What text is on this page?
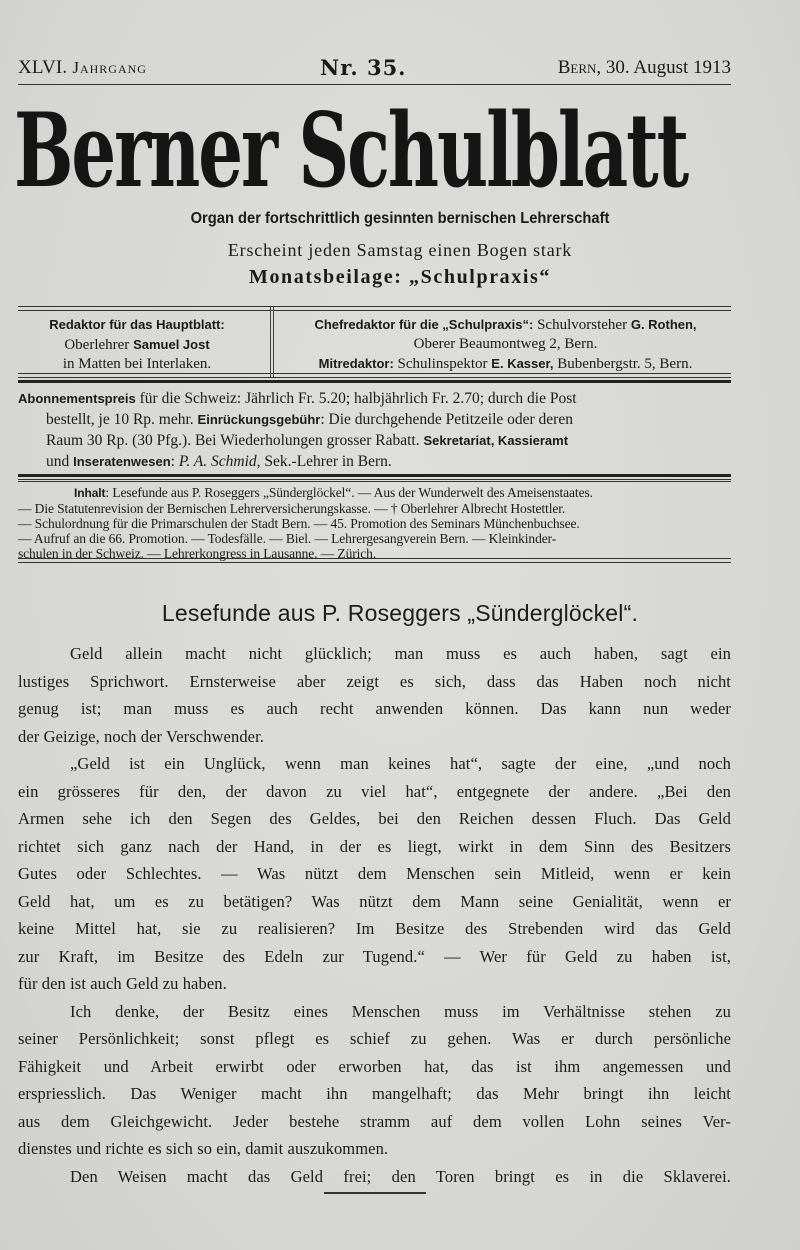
XLVI. Jahrgang	Nr. 35.	Bern, 30. August 1913
Berner Schulblatt
Organ der fortschrittlich gesinnten bernischen Lehrerschaft
Erscheint jeden Samstag einen Bogen stark
Monatsbeilage: „Schulpraxis“
Redaktor für das Hauptblatt:
Oberlehrer Samuel Jost
in Matten bei Interlaken.
Chefredaktor für die „Schulpraxis“: Schulvorsteher G. Rothen,
Oberer Beaumontweg 2, Bern.
Mitredaktor: Schulinspektor E. Kasser, Bubenbergstr. 5, Bern.
Abonnementspreis für die Schweiz: Jährlich Fr. 5.20; halbjährlich Fr. 2.70; durch die Post
bestellt, je 10 Rp. mehr. Einrückungsgebühr: Die durchgehende Petitzeile oder deren
Raum 30 Rp. (30 Pfg.). Bei Wiederholungen grosser Rabatt. Sekretariat, Kassieramt
und Inseratenwesen: P. A. Schmid, Sek.-Lehrer in Bern.
Inhalt: Lesefunde aus P. Roseggers „Sünderglöckel“. — Aus der Wunderwelt des Ameisenstaates.
— Die Statutenrevision der Bernischen Lehrerversicherungskasse. — † Oberlehrer Albrecht Hostettler.
— Schulordnung für die Primarschulen der Stadt Bern. — 45. Promotion des Seminars Münchenbuchsee.
— Aufruf an die 66. Promotion. — Todesfälle. — Biel. — Lehrergesangverein Bern. — Kleinkinder-
schulen in der Schweiz. — Lehrerkongress in Lausanne. — Zürich.
Lesefunde aus P. Roseggers „Sünderglöckel“.
Geld allein macht nicht glücklich; man muss es auch haben, sagt ein
lustiges Sprichwort. Ernsterweise aber zeigt es sich, dass das Haben noch nicht
genug ist; man muss es auch recht anwenden können. Das kann nun weder
der Geizige, noch der Verschwender.
„Geld ist ein Unglück, wenn man keines hat“, sagte der eine, „und noch
ein grösseres für den, der davon zu viel hat“, entgegnete der andere. „Bei den
Armen sehe ich den Segen des Geldes, bei den Reichen dessen Fluch. Das Geld
richtet sich ganz nach der Hand, in der es liegt, wirkt in dem Sinn des Besitzers
Gutes oder Schlechtes. — Was nützt dem Menschen sein Mitleid, wenn er kein
Geld hat, um es zu betätigen? Was nützt dem Mann seine Genialität, wenn er
keine Mittel hat, sie zu realisieren? Im Besitze des Strebenden wird das Geld
zur Kraft, im Besitze des Edeln zur Tugend.“ — Wer für Geld zu haben ist,
für den ist auch Geld zu haben.
Ich denke, der Besitz eines Menschen muss im Verhältnisse stehen zu
seiner Persönlichkeit; sonst pflegt es schief zu gehen. Was er durch persönliche
Fähigkeit und Arbeit erwirbt oder erworben hat, das ist ihm angemessen und
erspriesslich. Das Weniger macht ihn mangelhaft; das Mehr bringt ihn leicht
aus dem Gleichgewicht. Jeder bestehe stramm auf dem vollen Lohn seines Ver-
dienstes und richte es sich so ein, damit auszukommen.
Den Weisen macht das Geld frei; den Toren bringt es in die Sklaverei.
